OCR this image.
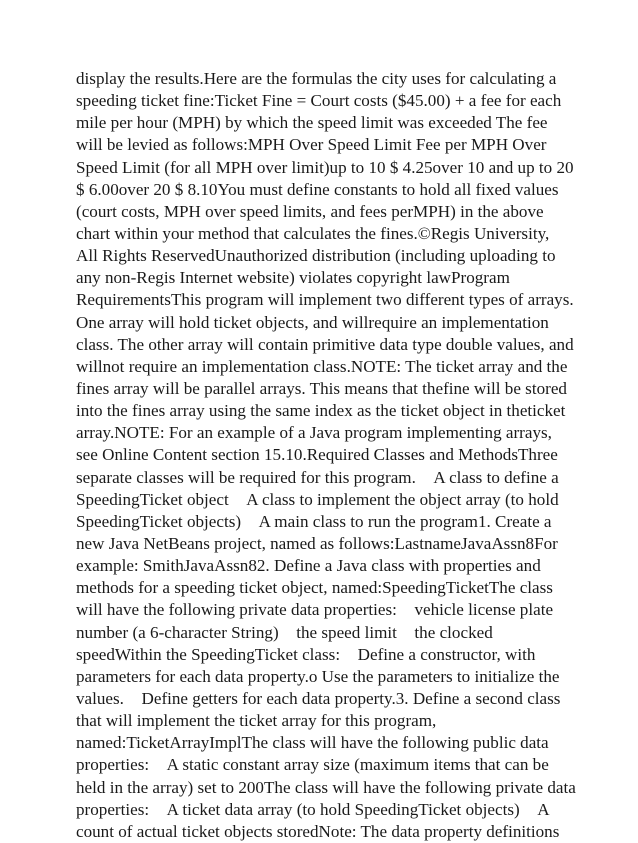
display the results.Here are the formulas the city uses for calculating a
speeding ticket fine:Ticket Fine = Court costs ($45.00) + a fee for each
mile per hour (MPH) by which the speed limit was exceeded The fee
will be levied as follows:MPH Over Speed Limit Fee per MPH Over
Speed Limit (for all MPH over limit)up to 10 $ 4.25over 10 and up to 20
$ 6.00over 20 $ 8.10You must define constants to hold all fixed values
(court costs, MPH over speed limits, and fees perMPH) in the above
chart within your method that calculates the fines.©Regis University,
All Rights ReservedUnauthorized distribution (including uploading to
any non-Regis Internet website) violates copyright lawProgram
RequirementsThis program will implement two different types of arrays.
One array will hold ticket objects, and willrequire an implementation
class. The other array will contain primitive data type double values, and
willnot require an implementation class.NOTE: The ticket array and the
fines array will be parallel arrays. This means that thefine will be stored
into the fines array using the same index as the ticket object in theticket
array.NOTE: For an example of a Java program implementing arrays,
see Online Content section 15.10.Required Classes and MethodsThree
separate classes will be required for this program. A class to define a
SpeedingTicket object A class to implement the object array (to hold
SpeedingTicket objects) A main class to run the program1. Create a
new Java NetBeans project, named as follows:LastnameJavaAssn8For
example: SmithJavaAssn82. Define a Java class with properties and
methods for a speeding ticket object, named:SpeedingTicketThe class
will have the following private data properties: vehicle license plate
number (a 6-character String) the speed limit the clocked
speedWithin the SpeedingTicket class: Define a constructor, with
parameters for each data property.o Use the parameters to initialize the
values. Define getters for each data property.3. Define a second class
that will implement the ticket array for this program,
named:TicketArrayImplThe class will have the following public data
properties: A static constant array size (maximum items that can be
held in the array) set to 200The class will have the following private data
properties: A ticket data array (to hold SpeedingTicket objects) A
count of actual ticket objects storedNote: The data property definitions
